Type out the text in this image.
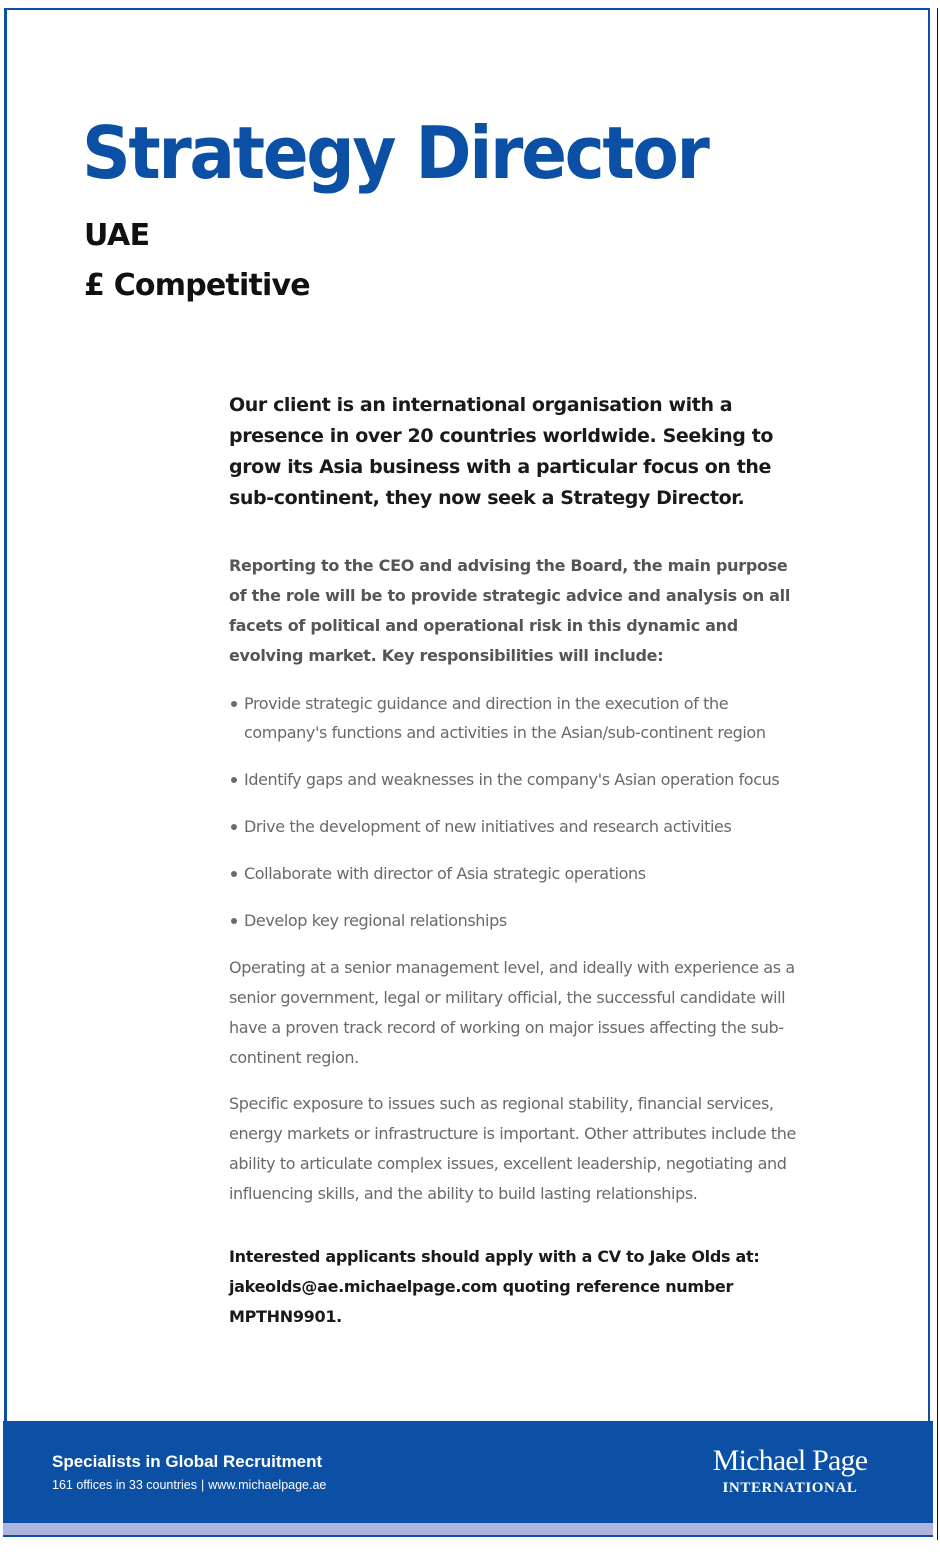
Strategy Director
UAE
£ Competitive

Our client is an international organisation with a presence in over 20 countries worldwide. Seeking to grow its Asia business with a particular focus on the sub-continent, they now seek a Strategy Director.

Reporting to the CEO and advising the Board, the main purpose of the role will be to provide strategic advice and analysis on all facets of political and operational risk in this dynamic and evolving market. Key responsibilities will include:

Provide strategic guidance and direction in the execution of the company's functions and activities in the Asian/sub-continent region
Identify gaps and weaknesses in the company's Asian operation focus
Drive the development of new initiatives and research activities
Collaborate with director of Asia strategic operations
Develop key regional relationships

Operating at a senior management level, and ideally with experience as a senior government, legal or military official, the successful candidate will have a proven track record of working on major issues affecting the sub-continent region.

Specific exposure to issues such as regional stability, financial services, energy markets or infrastructure is important. Other attributes include the ability to articulate complex issues, excellent leadership, negotiating and influencing skills, and the ability to build lasting relationships.

Interested applicants should apply with a CV to Jake Olds at: jakeolds@ae.michaelpage.com quoting reference number MPTHN9901.

Specialists in Global Recruitment

161 offices in 33 countries | www.michaelpage.ae

Michael Page
INTERNATIONAL
